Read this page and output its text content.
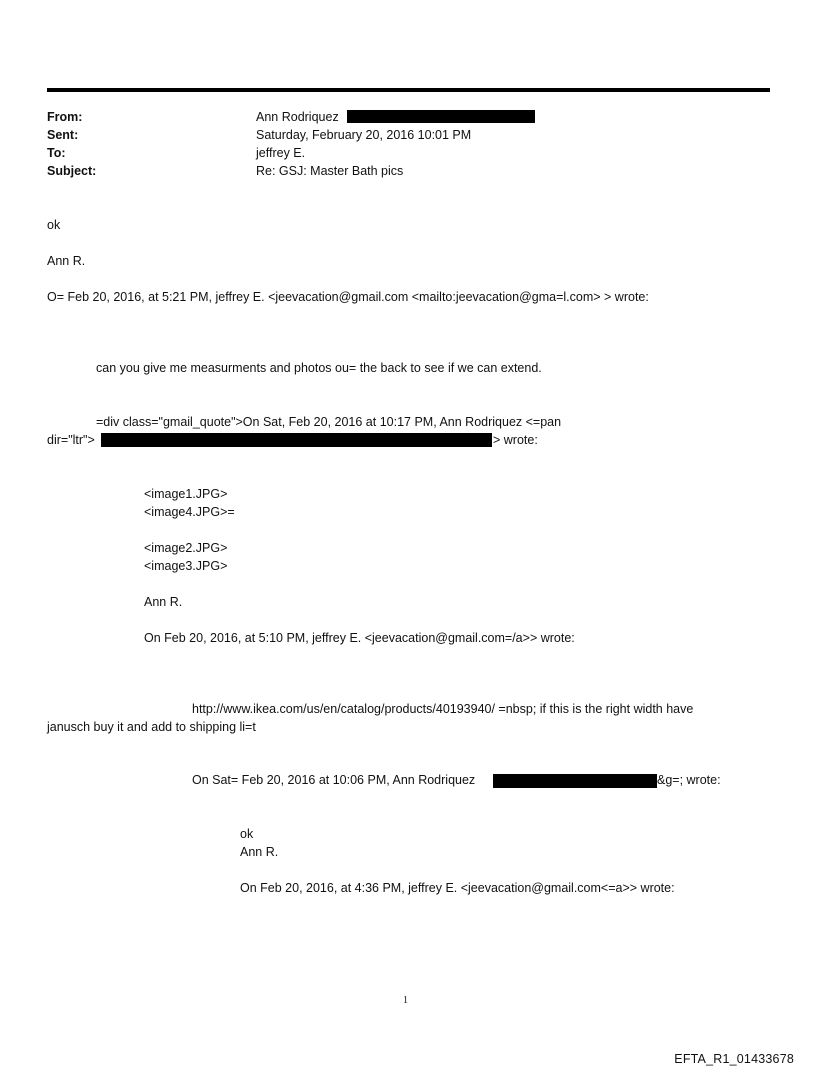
From:	Ann Rodriquez
Sent:	Saturday, February 20, 2016 10:01 PM
To:	jeffrey E.
Subject:	Re: GSJ: Master Bath pics
ok
Ann R.
O= Feb 20, 2016, at 5:21 PM, jeffrey E. <jeevacation@gmail.com <mailto:jeevacation@gma=l.com> > wrote:
can you give me measurments and photos ou= the back to see if we can extend.
=div class="gmail_quote">On Sat, Feb 20, 2016 at 10:17 PM, Ann Rodriquez <=pan
dir="ltr">	> wrote:
<image1.JPG>
<image4.JPG>=
<image2.JPG>
<image3.JPG>
Ann R.
On Feb 20, 2016, at 5:10 PM, jeffrey E. <jeevacation@gmail.com=/a>> wrote:
http://www.ikea.com/us/en/catalog/products/40193940/ =nbsp; if this is the right width have
janusch buy it and add to shipping li=t
On Sat= Feb 20, 2016 at 10:06 PM, Ann Rodriquez	&g=; wrote:
ok
Ann R.
On Feb 20, 2016, at 4:36 PM, jeffrey E. <jeevacation@gmail.com<=a>> wrote:
1
EFTA_R1_01433678
